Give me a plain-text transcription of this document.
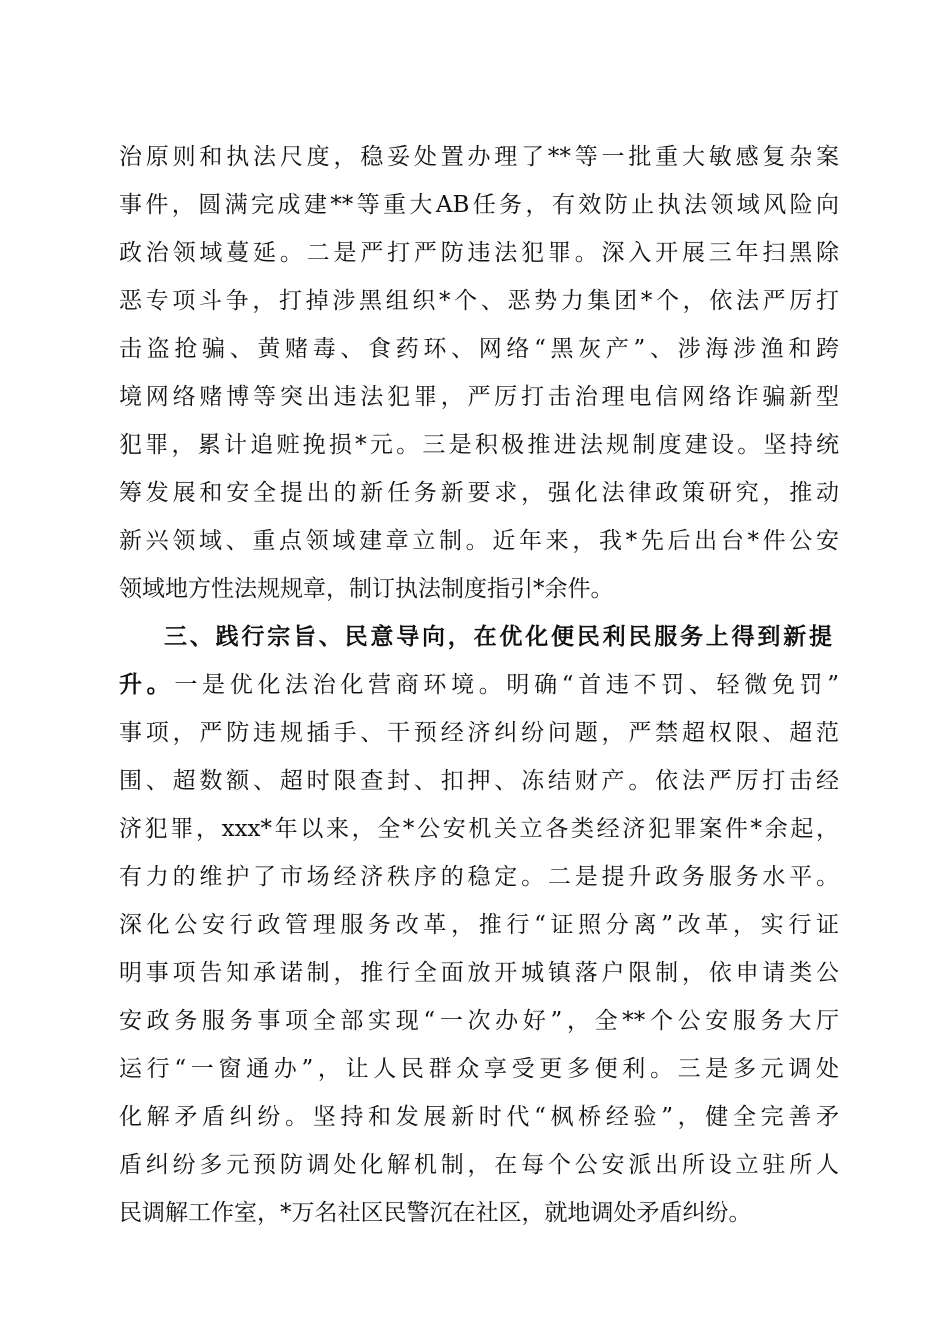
治原则和执法尺度，稳妥处置办理了**等一批重大敏感复杂案
事件，圆满完成建**等重大AB任务，有效防止执法领域风险向
政治领域蔓延。二是严打严防违法犯罪。深入开展三年扫黑除
恶专项斗争，打掉涉黑组织*个、恶势力集团*个，依法严厉打
击盗抢骗、黄赌毒、食药环、网络“黑灰产”、涉海涉渔和跨
境网络赌博等突出违法犯罪，严厉打击治理电信网络诈骗新型
犯罪，累计追赃挽损*元。三是积极推进法规制度建设。坚持统
筹发展和安全提出的新任务新要求，强化法律政策研究，推动
新兴领域、重点领域建章立制。近年来，我*先后出台*件公安
领域地方性法规规章，制订执法制度指引*余件。
三、践行宗旨、民意导向，在优化便民利民服务上得到新提
升。一是优化法治化营商环境。明确“首违不罚、轻微免罚”
事项，严防违规插手、干预经济纠纷问题，严禁超权限、超范
围、超数额、超时限查封、扣押、冻结财产。依法严厉打击经
济犯罪，xxx*年以来，全*公安机关立各类经济犯罪案件*余起，
有力的维护了市场经济秩序的稳定。二是提升政务服务水平。
深化公安行政管理服务改革，推行“证照分离”改革，实行证
明事项告知承诺制，推行全面放开城镇落户限制，依申请类公
安政务服务事项全部实现“一次办好”，全**个公安服务大厅
运行“一窗通办”，让人民群众享受更多便利。三是多元调处
化解矛盾纠纷。坚持和发展新时代“枫桥经验”，健全完善矛
盾纠纷多元预防调处化解机制，在每个公安派出所设立驻所人
民调解工作室，*万名社区民警沉在社区，就地调处矛盾纠纷。
